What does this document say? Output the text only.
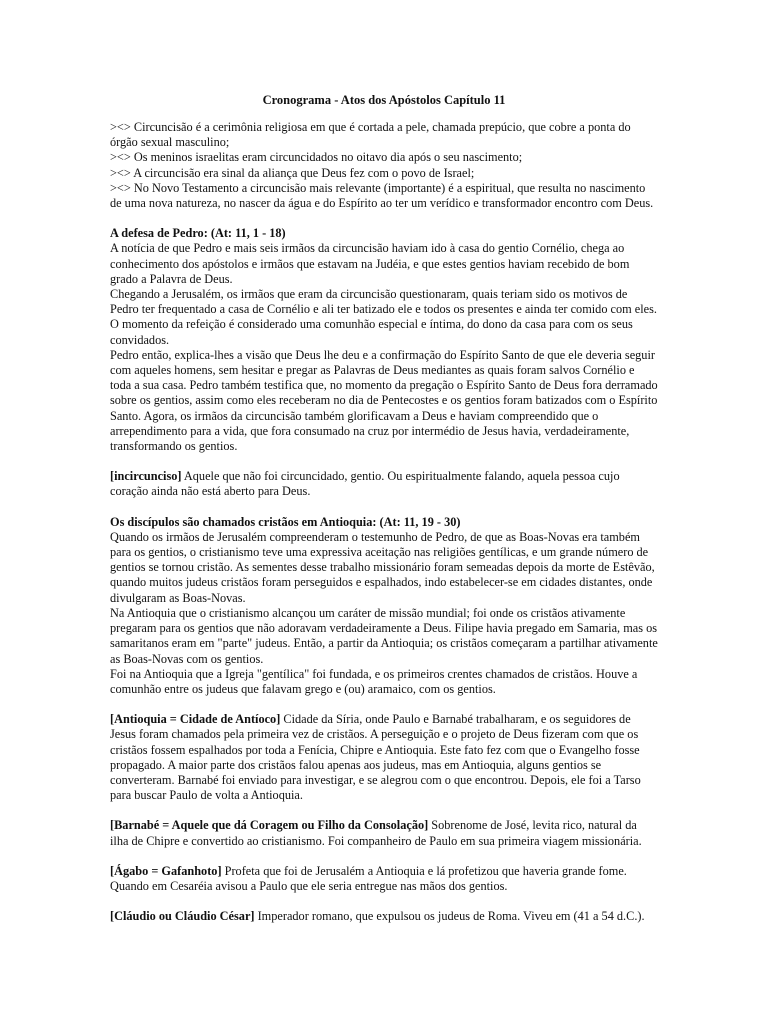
Cronograma - Atos dos Apóstolos Capítulo 11

><> Circuncisão é a cerimônia religiosa em que é cortada a pele, chamada prepúcio, que cobre a ponta do órgão sexual masculino;

><> Os meninos israelitas eram circuncidados no oitavo dia após o seu nascimento;

><> A circuncisão era sinal da aliança que Deus fez com o povo de Israel;

><> No Novo Testamento a circuncisão mais relevante (importante) é a espiritual, que resulta no nascimento de uma nova natureza, no nascer da água e do Espírito ao ter um verídico e transformador encontro com Deus.

A defesa de Pedro: (At: 11, 1 - 18)

A notícia de que Pedro e mais seis irmãos da circuncisão haviam ido à casa do gentio Cornélio, chega ao conhecimento dos apóstolos e irmãos que estavam na Judéia, e que estes gentios haviam recebido de bom grado a Palavra de Deus.

Chegando a Jerusalém, os irmãos que eram da circuncisão questionaram, quais teriam sido os motivos de Pedro ter frequentado a casa de Cornélio e ali ter batizado ele e todos os presentes e ainda ter comido com eles. O momento da refeição é considerado uma comunhão especial e íntima, do dono da casa para com os seus convidados.

Pedro então, explica-lhes a visão que Deus lhe deu e a confirmação do Espírito Santo de que ele deveria seguir com aqueles homens, sem hesitar e pregar as Palavras de Deus mediantes as quais foram salvos Cornélio e toda a sua casa. Pedro também testifica que, no momento da pregação o Espírito Santo de Deus fora derramado sobre os gentios, assim como eles receberam no dia de Pentecostes e os gentios foram batizados com o Espírito Santo. Agora, os irmãos da circuncisão também glorificavam a Deus e haviam compreendido que o arrependimento para a vida, que fora consumado na cruz por intermédio de Jesus havia, verdadeiramente, transformando os gentios.

[incircunciso] Aquele que não foi circuncidado, gentio. Ou espiritualmente falando, aquela pessoa cujo coração ainda não está aberto para Deus.

Os discípulos são chamados cristãos em Antioquia: (At: 11, 19 - 30)

Quando os irmãos de Jerusalém compreenderam o testemunho de Pedro, de que as Boas-Novas era também para os gentios, o cristianismo teve uma expressiva aceitação nas religiões gentílicas, e um grande número de gentios se tornou cristão. As sementes desse trabalho missionário foram semeadas depois da morte de Estêvão, quando muitos judeus cristãos foram perseguidos e espalhados, indo estabelecer-se em cidades distantes, onde divulgaram as Boas-Novas.

Na Antioquia que o cristianismo alcançou um caráter de missão mundial; foi onde os cristãos ativamente pregaram para os gentios que não adoravam verdadeiramente a Deus. Filipe havia pregado em Samaria, mas os samaritanos eram em "parte" judeus. Então, a partir da Antioquia; os cristãos começaram a partilhar ativamente as Boas-Novas com os gentios.

Foi na Antioquia que a Igreja "gentílica" foi fundada, e os primeiros crentes chamados de cristãos. Houve a comunhão entre os judeus que falavam grego e (ou) aramaico, com os gentios.

[Antioquia = Cidade de Antíoco] Cidade da Síria, onde Paulo e Barnabé trabalharam, e os seguidores de Jesus foram chamados pela primeira vez de cristãos. A perseguição e o projeto de Deus fizeram com que os cristãos fossem espalhados por toda a Fenícia, Chipre e Antioquia. Este fato fez com que o Evangelho fosse propagado. A maior parte dos cristãos falou apenas aos judeus, mas em Antioquia, alguns gentios se converteram. Barnabé foi enviado para investigar, e se alegrou com o que encontrou. Depois, ele foi a Tarso para buscar Paulo de volta a Antioquia.

[Barnabé = Aquele que dá Coragem ou Filho da Consolação] Sobrenome de José, levita rico, natural da ilha de Chipre e convertido ao cristianismo. Foi companheiro de Paulo em sua primeira viagem missionária.

[Ágabo = Gafanhoto] Profeta que foi de Jerusalém a Antioquia e lá profetizou que haveria grande fome. Quando em Cesaréia avisou a Paulo que ele seria entregue nas mãos dos gentios.

[Cláudio ou Cláudio César] Imperador romano, que expulsou os judeus de Roma. Viveu em (41 a 54 d.C.).
